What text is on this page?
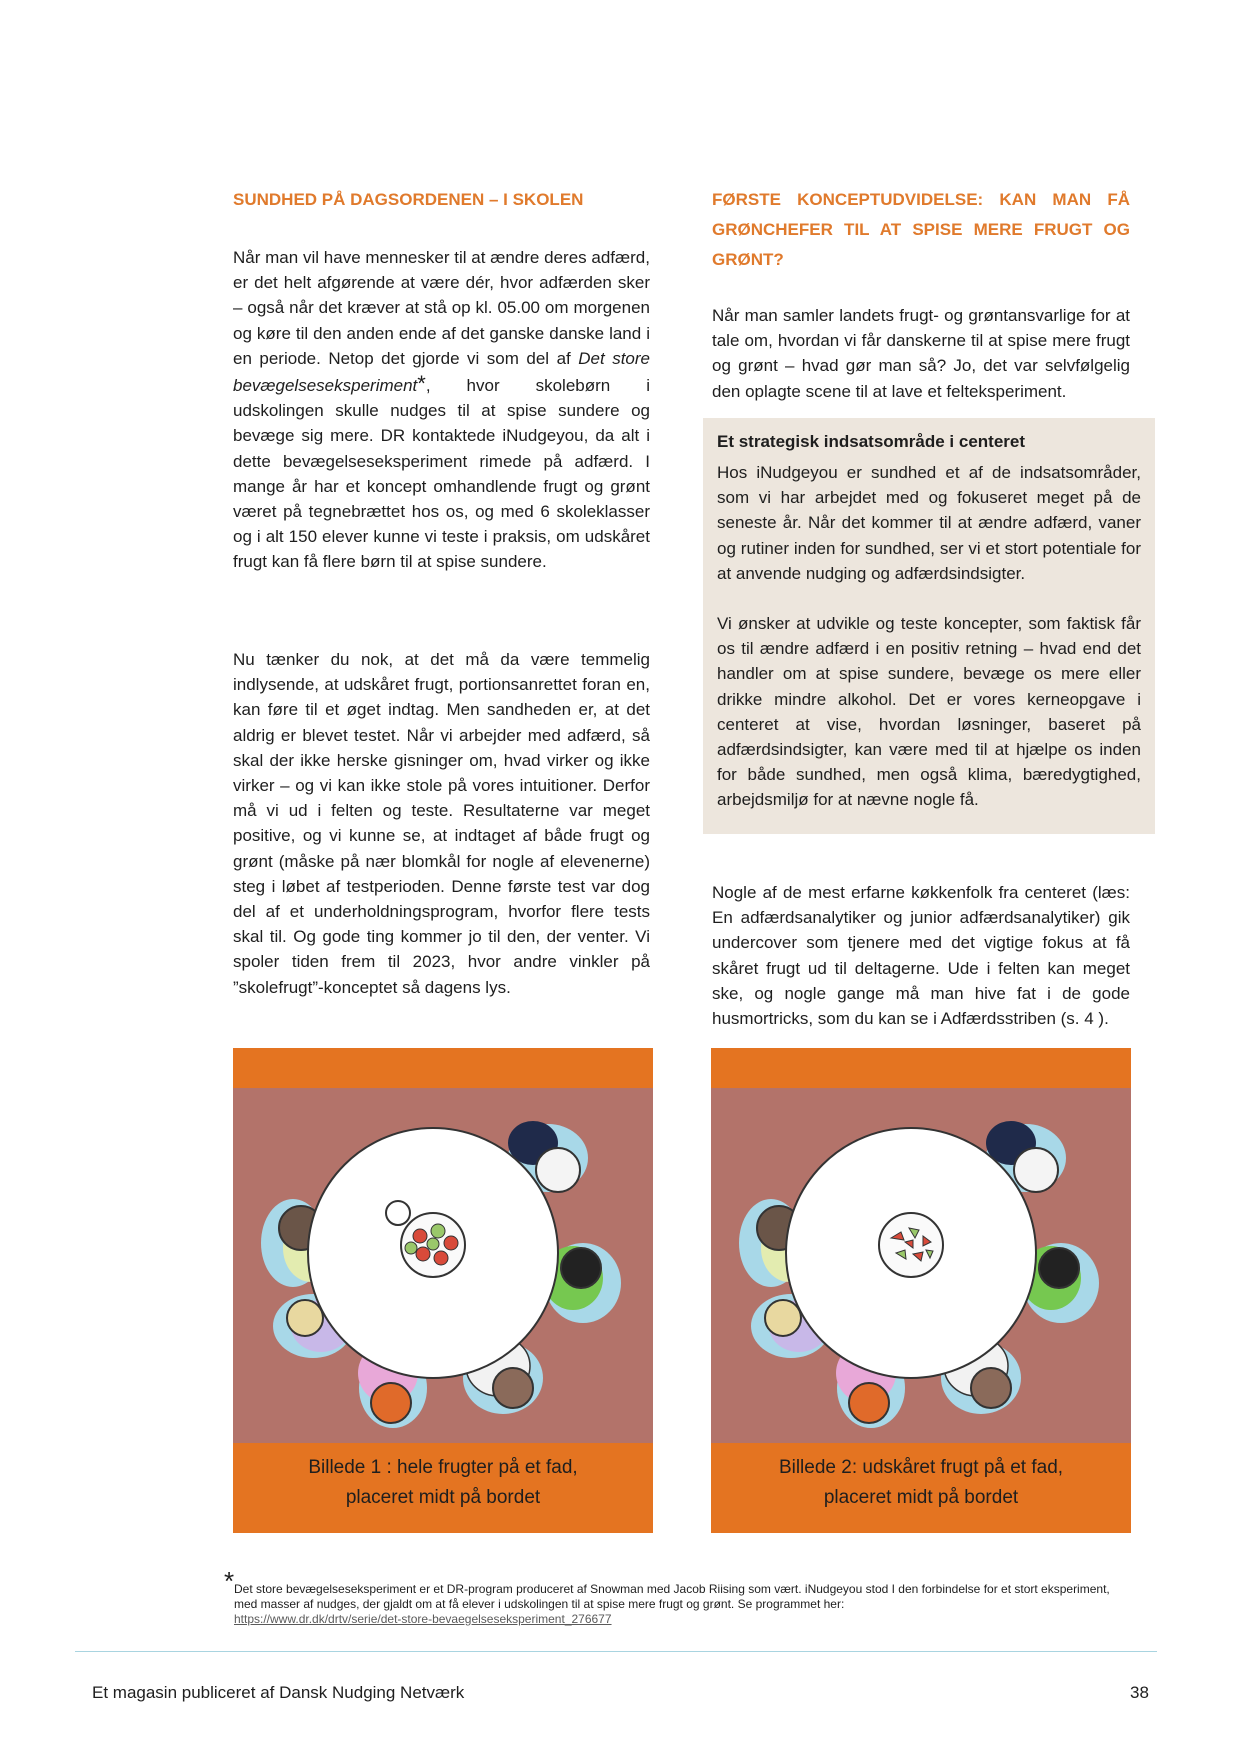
SUNDHED PÅ DAGSORDENEN – I SKOLEN

Når man vil have mennesker til at ændre deres adfærd, er det helt afgørende at være dér, hvor adfærden sker – også når det kræver at stå op kl. 05.00 om morgenen og køre til den anden ende af det ganske danske land i en periode. Netop det gjorde vi som del af Det store bevægelseseksperiment*, hvor skolebørn i udskolingen skulle nudges til at spise sundere og bevæge sig mere. DR kontaktede iNudgeyou, da alt i dette bevægelseseksperiment rimede på adfærd. I mange år har et koncept omhandlende frugt og grønt været på tegnebrættet hos os, og med 6 skoleklasser og i alt 150 elever kunne vi teste i praksis, om udskåret frugt kan få flere børn til at spise sundere.

Nu tænker du nok, at det må da være temmelig indlysende, at udskåret frugt, portionsanrettet foran en, kan føre til et øget indtag. Men sandheden er, at det aldrig er blevet testet. Når vi arbejder med adfærd, så skal der ikke herske gisninger om, hvad virker og ikke virker – og vi kan ikke stole på vores intuitioner. Derfor må vi ud i felten og teste. Resultaterne var meget positive, og vi kunne se, at indtaget af både frugt og grønt (måske på nær blomkål for nogle af elevenerne) steg i løbet af testperioden. Denne første test var dog del af et underholdningsprogram, hvorfor flere tests skal til. Og gode ting kommer jo til den, der venter. Vi spoler tiden frem til 2023, hvor andre vinkler på ”skolefrugt”-konceptet så dagens lys.

FØRSTE KONCEPTUDVIDELSE: KAN MAN FÅ GRØNCHEFER TIL AT SPISE MERE FRUGT OG GRØNT?

Når man samler landets frugt- og grøntansvarlige for at tale om, hvordan vi får danskerne til at spise mere frugt og grønt – hvad gør man så? Jo, det var selvfølgelig den oplagte scene til at lave et felteksperiment.

Et strategisk indsatsområde i centeret

Hos iNudgeyou er sundhed et af de indsatsområder, som vi har arbejdet med og fokuseret meget på de seneste år. Når det kommer til at ændre adfærd, vaner og rutiner inden for sundhed, ser vi et stort potentiale for at anvende nudging og adfærdsindsigter.

Vi ønsker at udvikle og teste koncepter, som faktisk får os til ændre adfærd i en positiv retning – hvad end det handler om at spise sundere, bevæge os mere eller drikke mindre alkohol. Det er vores kerneopgave i centeret at vise, hvordan løsninger, baseret på adfærdsindsigter, kan være med til at hjælpe os inden for både sundhed, men også klima, bæredygtighed, arbejdsmiljø for at nævne nogle få.

Nogle af de mest erfarne køkkenfolk fra centeret (læs: En adfærdsanalytiker og junior adfærdsanalytiker) gik undercover som tjenere med det vigtige fokus at få skåret frugt ud til deltagerne. Ude i felten kan meget ske, og nogle gange må man hive fat i de gode husmortricks, som du kan se i Adfærdsstriben (s. 4 ).

Billede 1 : hele frugter på et fad,
placeret midt på bordet
Billede 2: udskåret frugt på et fad,
placeret midt på bordet
* Det store bevægelseseksperiment er et DR-program produceret af Snowman med Jacob Riising som vært. iNudgeyou stod I den forbindelse for et stort eksperiment, med masser af nudges, der gjaldt om at få elever i udskolingen til at spise mere frugt og grønt. Se programmet her:
https://www.dr.dk/drtv/serie/det-store-bevaegelseseksperiment_276677

Et magasin publiceret af Dansk Nudging Netværk	38
